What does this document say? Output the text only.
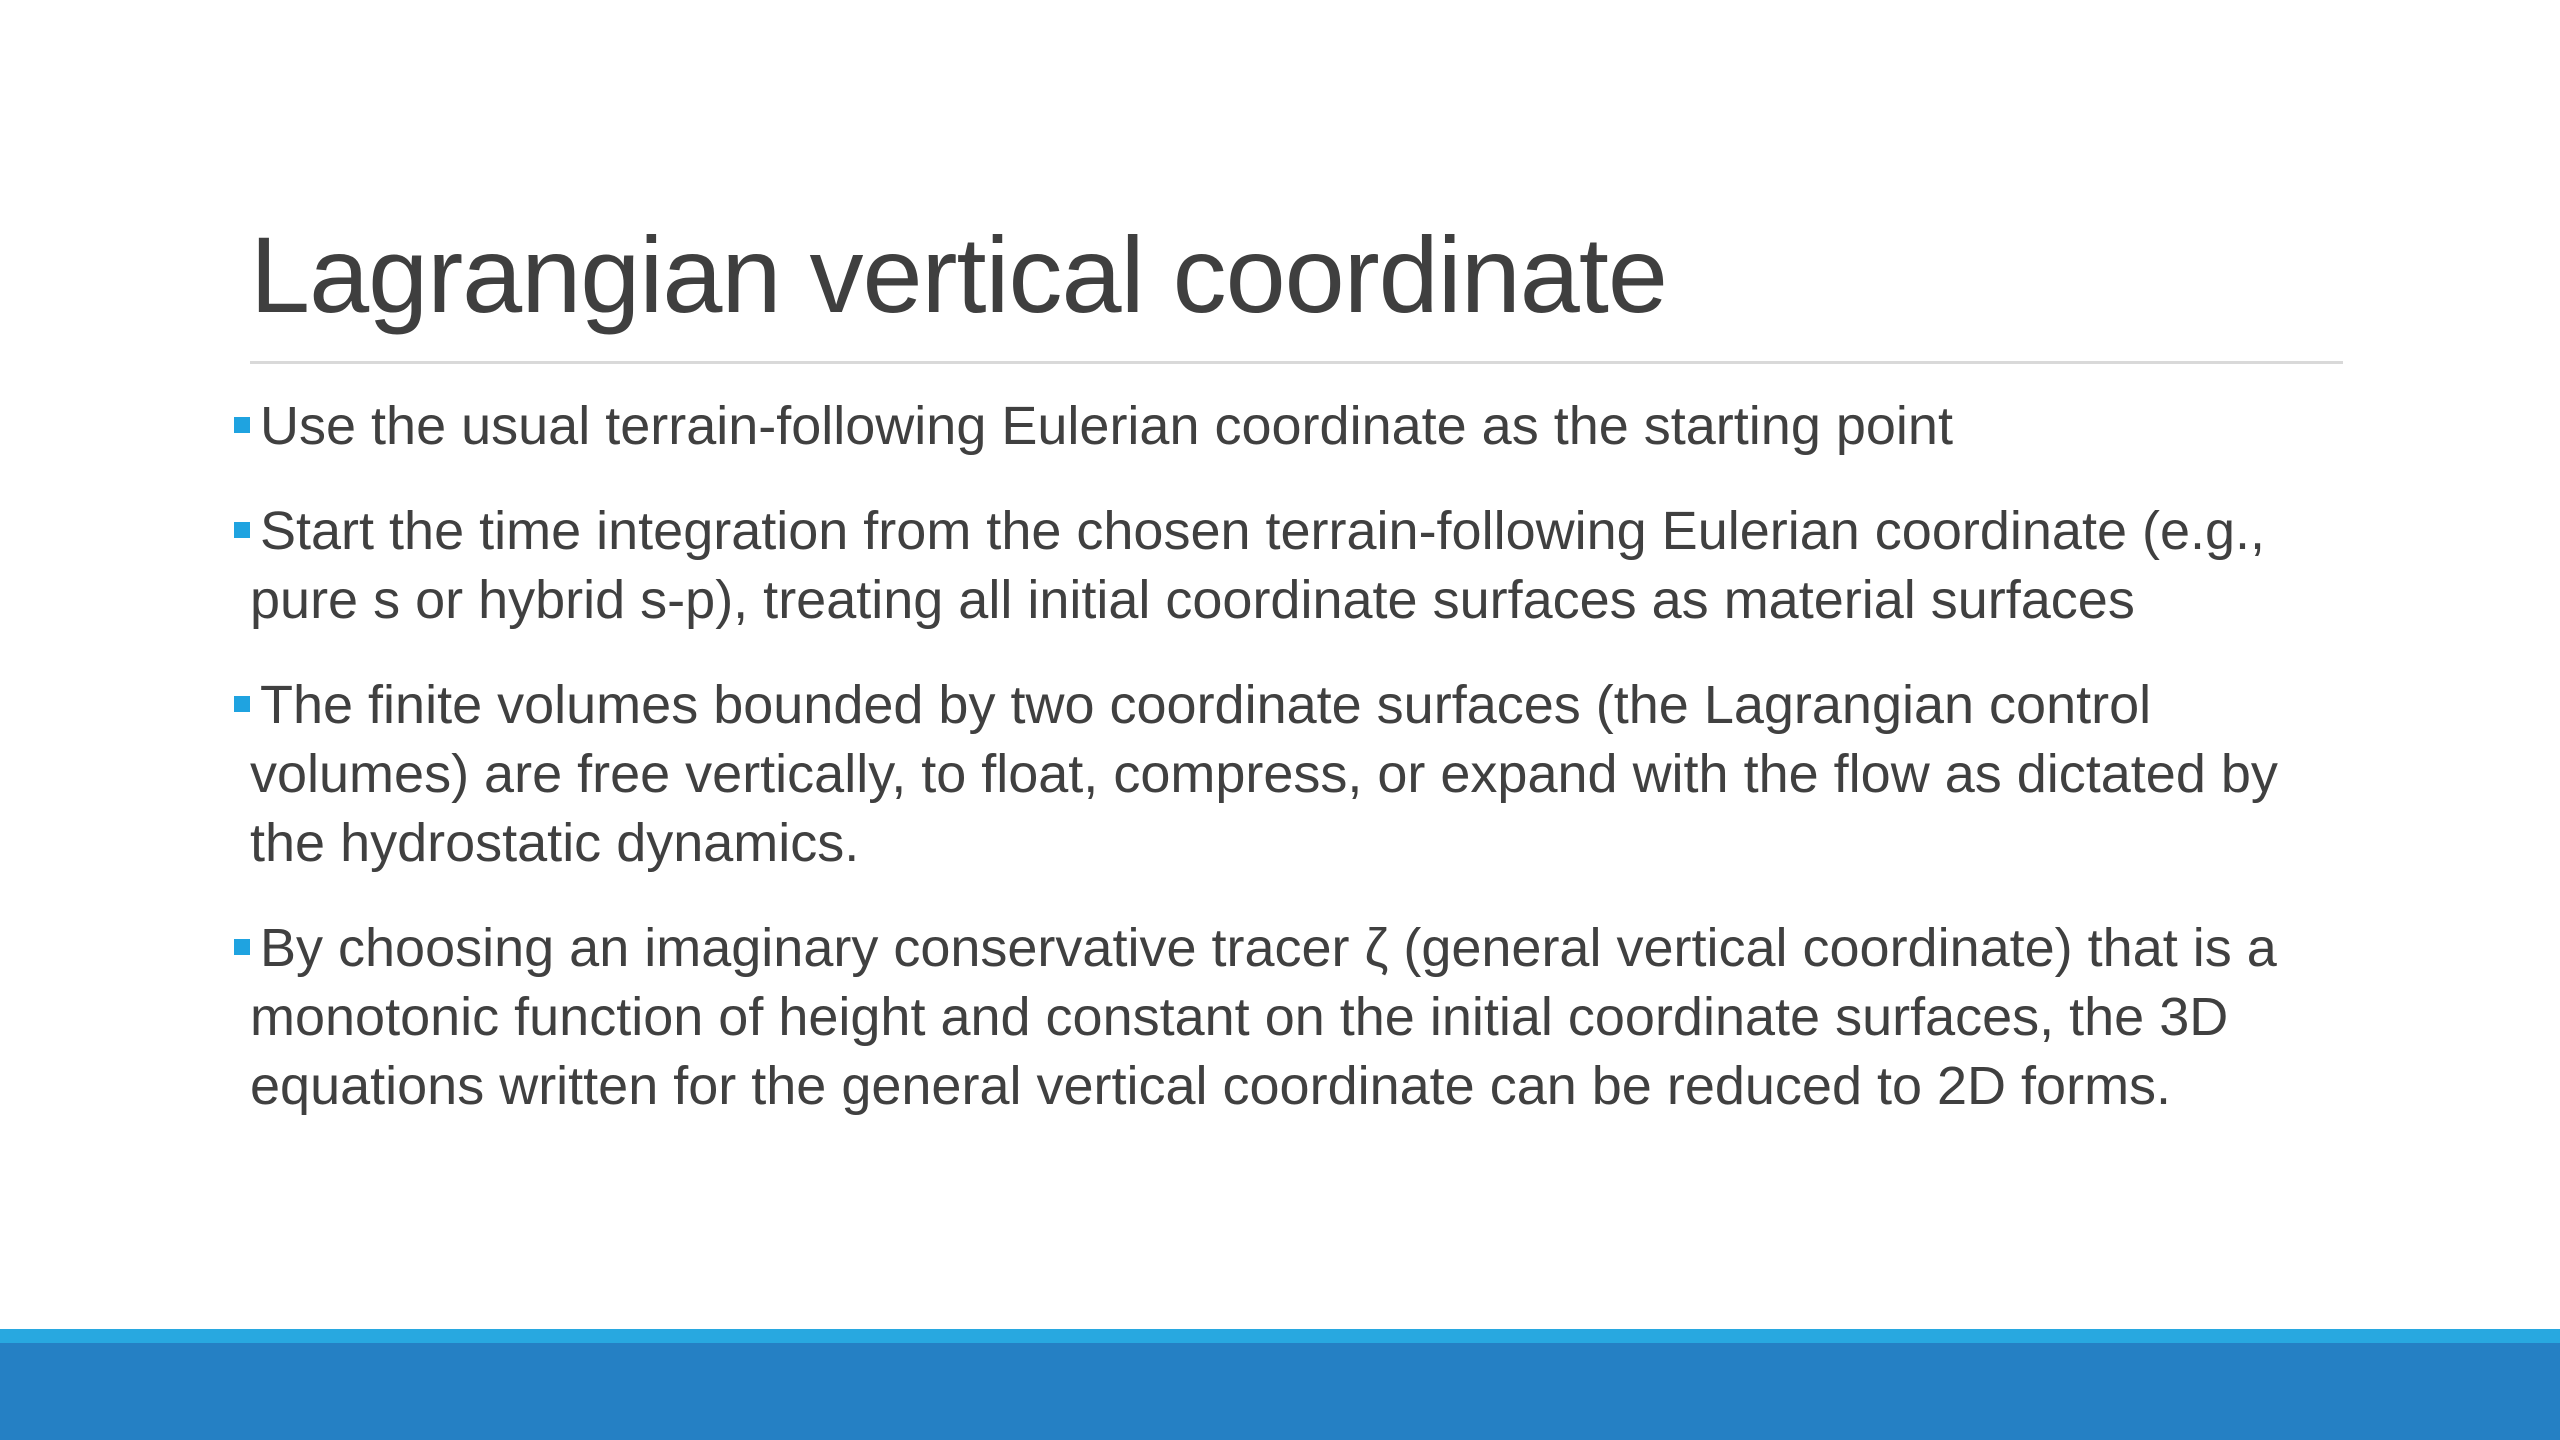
Lagrangian vertical coordinate
Use the usual terrain-following Eulerian coordinate as the starting point
Start the time integration from the chosen terrain-following Eulerian coordinate (e.g., pure s or hybrid s-p), treating all initial coordinate surfaces as material surfaces
The finite volumes bounded by two coordinate surfaces (the Lagrangian control volumes) are free vertically, to float, compress, or expand with the flow as dictated by the hydrostatic dynamics.
By choosing an imaginary conservative tracer ζ (general vertical coordinate) that is a monotonic function of height and constant on the initial coordinate surfaces, the 3D equations written for the general vertical coordinate can be reduced to 2D forms.
